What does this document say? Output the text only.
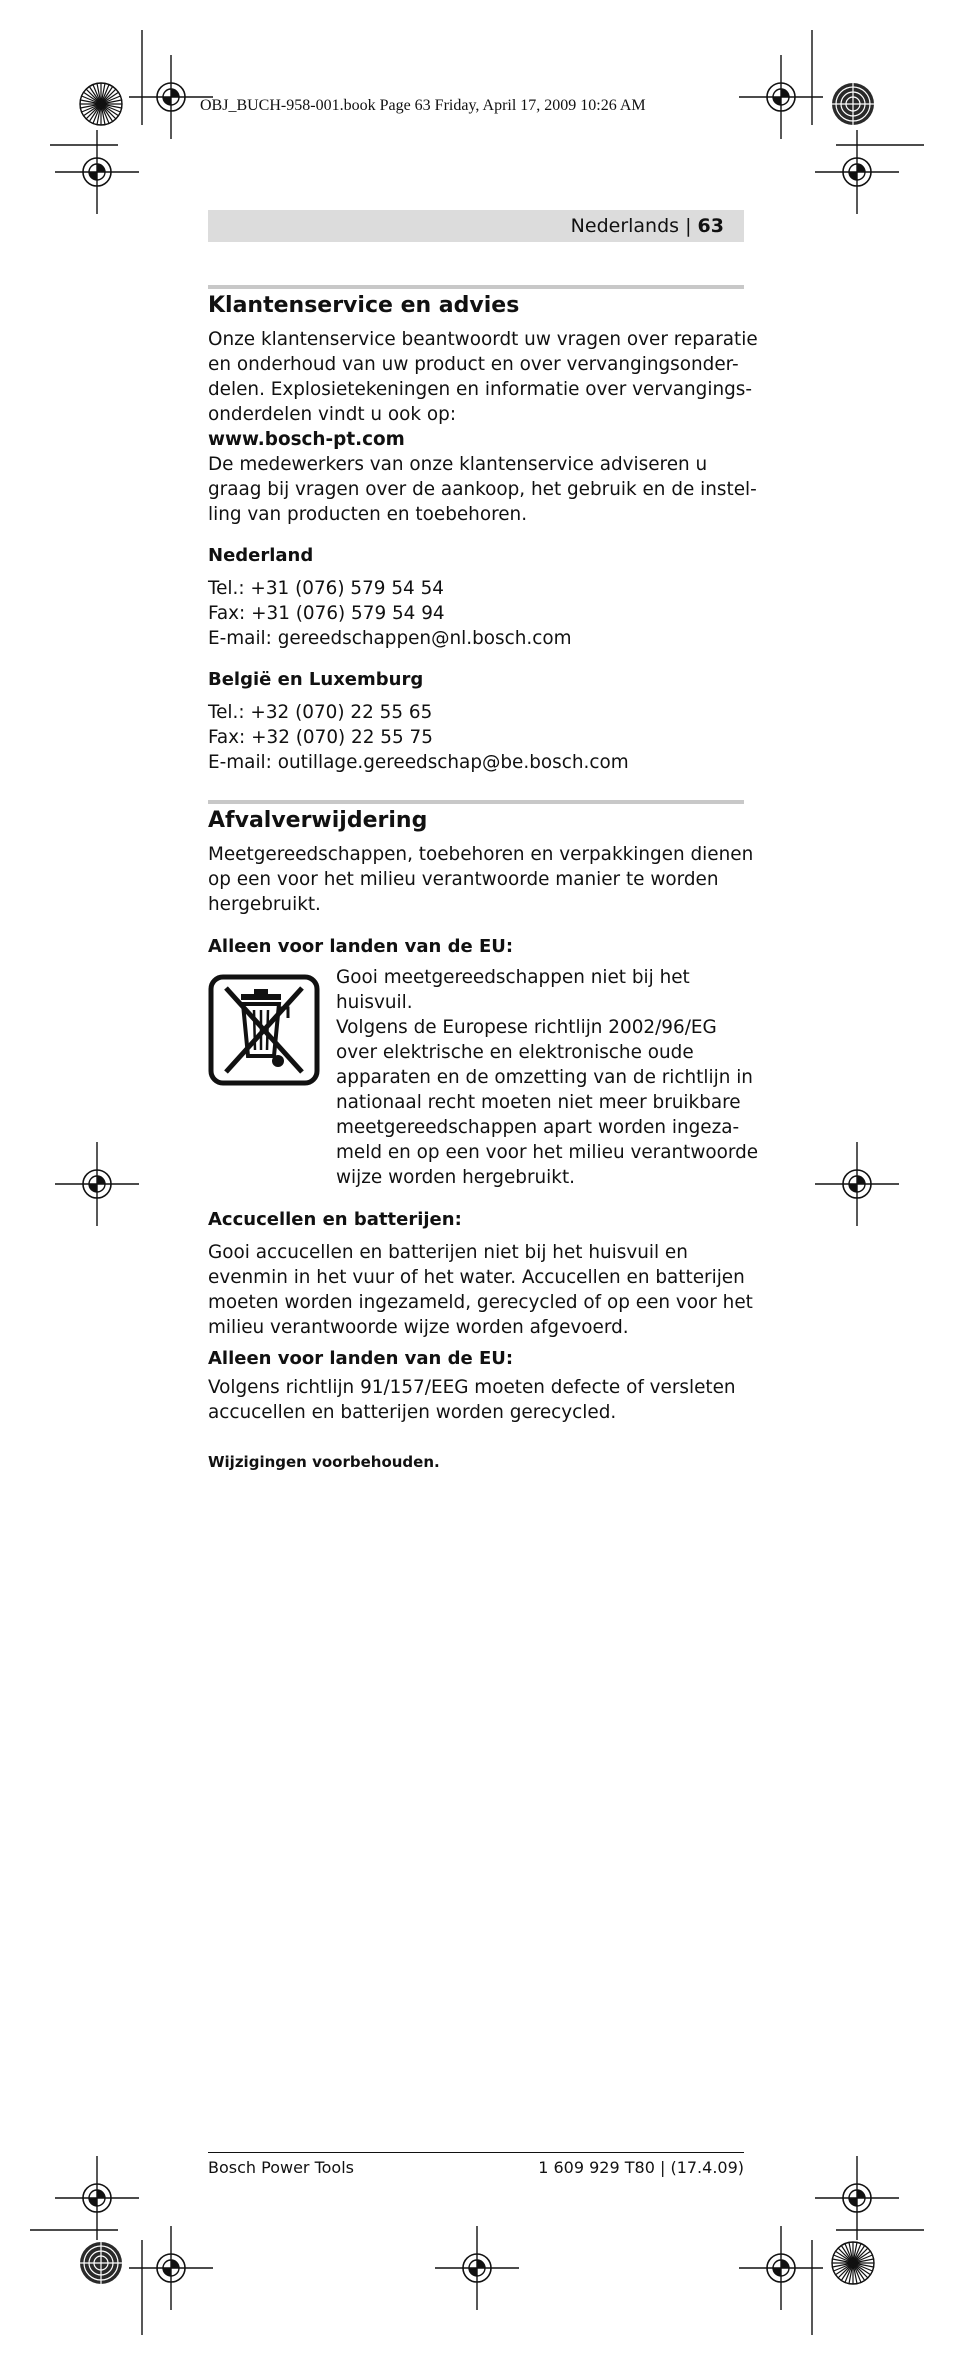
OBJ_BUCH-958-001.book Page 63 Friday, April 17, 2009 10:26 AM
Nederlands | 63
Klantenservice en advies
Onze klantenservice beantwoordt uw vragen over reparatie
en onderhoud van uw product en over vervangingsonder-
delen. Explosietekeningen en informatie over vervangings-
onderdelen vindt u ook op:
www.bosch-pt.com
De medewerkers van onze klantenservice adviseren u
graag bij vragen over de aankoop, het gebruik en de instel-
ling van producten en toebehoren.
Nederland
Tel.: +31 (076) 579 54 54
Fax: +31 (076) 579 54 94
E-mail: gereedschappen@nl.bosch.com
België en Luxemburg
Tel.: +32 (070) 22 55 65
Fax: +32 (070) 22 55 75
E-mail: outillage.gereedschap@be.bosch.com
Afvalverwijdering
Meetgereedschappen, toebehoren en verpakkingen dienen
op een voor het milieu verantwoorde manier te worden
hergebruikt.
Alleen voor landen van de EU:
Gooi meetgereedschappen niet bij het
huisvuil.
Volgens de Europese richtlijn 2002/96/EG
over elektrische en elektronische oude
apparaten en de omzetting van de richtlijn in
nationaal recht moeten niet meer bruikbare
meetgereedschappen apart worden ingeza-
meld en op een voor het milieu verantwoorde
wijze worden hergebruikt.
Accucellen en batterijen:
Gooi accucellen en batterijen niet bij het huisvuil en
evenmin in het vuur of het water. Accucellen en batterijen
moeten worden ingezameld, gerecycled of op een voor het
milieu verantwoorde wijze worden afgevoerd.
Alleen voor landen van de EU:
Volgens richtlijn 91/157/EEG moeten defecte of versleten
accucellen en batterijen worden gerecycled.
Wijzigingen voorbehouden.
Bosch Power Tools	1 609 929 T80 | (17.4.09)
